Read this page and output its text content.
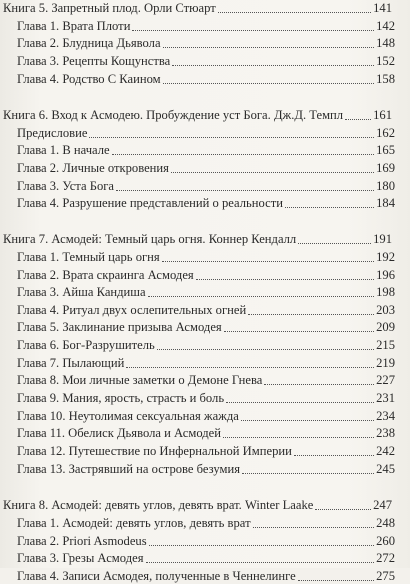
Книга 5. Запретный плод. Орли Стюарт	141
Глава 1. Врата Плоти	142
Глава 2. Блудница Дьявола	148
Глава 3. Рецепты Кощунства	152
Глава 4. Родство С Каином	158
Книга 6. Вход к Асмодею. Пробуждение уст Бога. Дж.Д. Темпл 161
Предисловие	162
Глава 1. В начале	165
Глава 2. Личные откровения	169
Глава 3. Уста Бога	180
Глава 4. Разрушение представлений о реальности	184
Книга 7. Асмодей: Темный царь огня. Коннер Кендалл	191
Глава 1. Темный царь огня	192
Глава 2. Врата скраинга Асмодея	196
Глава 3. Айша Кандиша	198
Глава 4. Ритуал двух ослепительных огней	203
Глава 5. Заклинание призыва Асмодея	209
Глава 6. Бог-Разрушитель	215
Глава 7. Пылающий	219
Глава 8. Мои личные заметки о Демоне Гнева	227
Глава 9. Мания, ярость, страсть и боль	231
Глава 10. Неутолимая сексуальная жажда	234
Глава 11. Обелиск Дьявола и Асмодей	238
Глава 12. Путешествие по Инфернальной Империи	242
Глава 13. Застрявший на острове безумия	245
Книга 8. Асмодей: девять углов, девять врат. Winter Laake	247
Глава 1. Асмодей: девять углов, девять врат	248
Глава 2. Priori Asmodeus	260
Глава 3. Грезы Асмодея	272
Глава 4. Записи Асмодея, полученные в Ченнелинге	275
